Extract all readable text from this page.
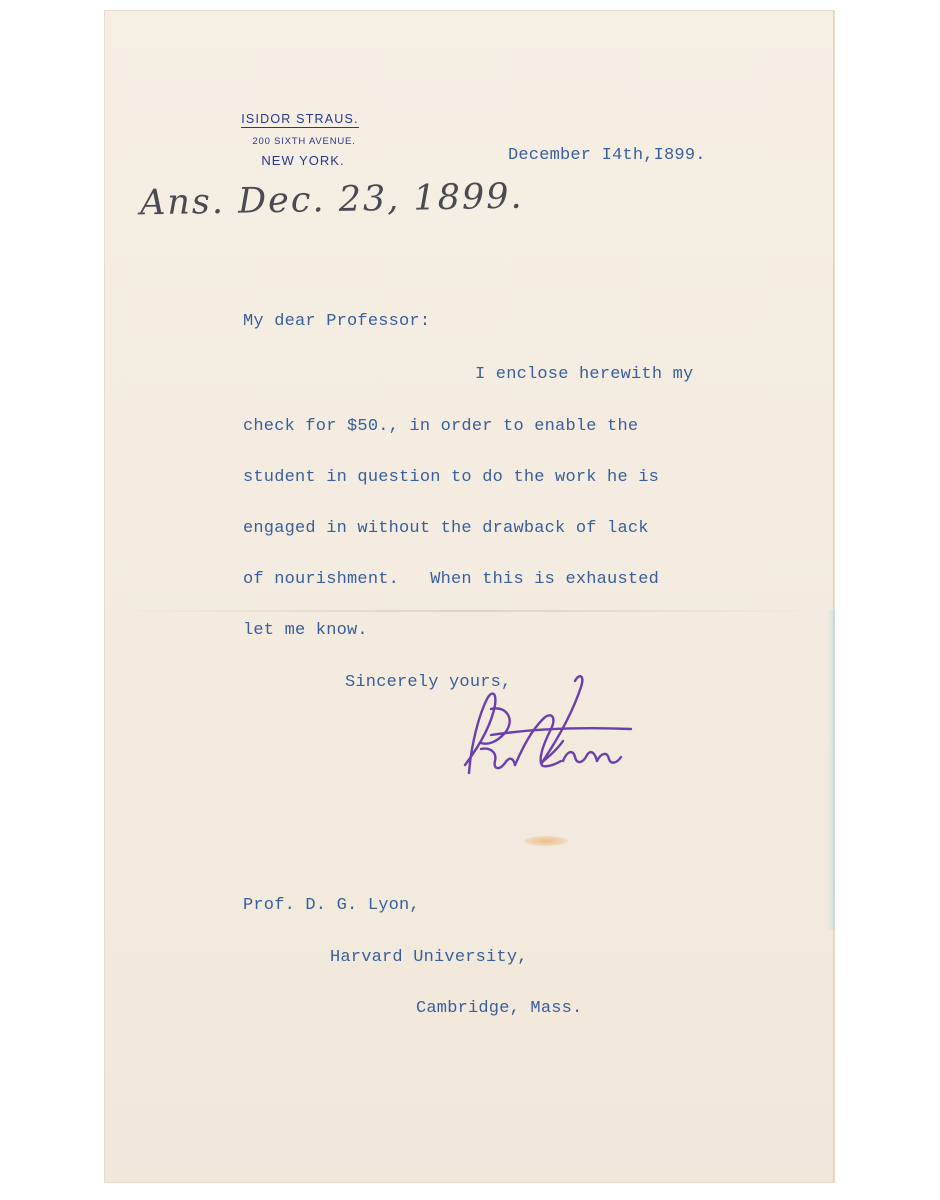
ISIDOR STRAUS.
200 SIXTH AVENUE.
NEW YORK.	December I4th,I899.
Ans. Dec. 23, 1899.
My dear Professor:
I enclose herewith my
check for $50., in order to enable the
student in question to do the work he is
engaged in without the drawback of lack
of nourishment.   When this is exhausted
let me know.
Sincerely yours,
Prof. D. G. Lyon,
Harvard University,
Cambridge, Mass.
